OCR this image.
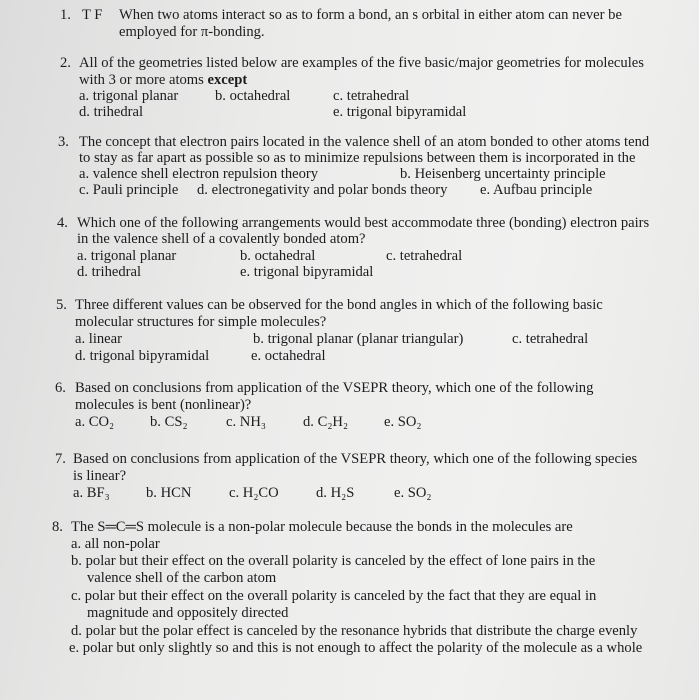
1. T F When two atoms interact so as to form a bond, an s orbital in either atom can never be
employed for π-bonding.
2. All of the geometries listed below are examples of the five basic/major geometries for molecules
with 3 or more atoms except
a. trigonal planar	b. octahedral	c. tetrahedral
d. trihedral	e. trigonal bipyramidal
3. The concept that electron pairs located in the valence shell of an atom bonded to other atoms tend
to stay as far apart as possible so as to minimize repulsions between them is incorporated in the
a. valence shell electron repulsion theory	b. Heisenberg uncertainty principle
c. Pauli principle d. electronegativity and polar bonds theory e. Aufbau principle
4. Which one of the following arrangements would best accommodate three (bonding) electron pairs
in the valence shell of a covalently bonded atom?
a. trigonal planar	b. octahedral	c. tetrahedral
d. trihedral	e. trigonal bipyramidal
5. Three different values can be observed for the bond angles in which of the following basic
molecular structures for simple molecules?
a. linear	b. trigonal planar (planar triangular)	c. tetrahedral
d. trigonal bipyramidal	e. octahedral
6. Based on conclusions from application of the VSEPR theory, which one of the following
molecules is bent (nonlinear)?
a. CO₂ b. CS₂	c. NH₃	d. C₂H₂ e. SO₂
7. Based on conclusions from application of the VSEPR theory, which one of the following species
is linear?
a. BF₃ b. HCN	c. H₂CO	d. H₂S	e. SO₂
8. The S═C═S molecule is a non-polar molecule because the bonds in the molecules are
a. all non-polar
b. polar but their effect on the overall polarity is canceled by the effect of lone pairs in the
valence shell of the carbon atom
c. polar but their effect on the overall polarity is canceled by the fact that they are equal in
magnitude and oppositely directed
d. polar but the polar effect is canceled by the resonance hybrids that distribute the charge evenly
e. polar but only slightly so and this is not enough to affect the polarity of the molecule as a whole
